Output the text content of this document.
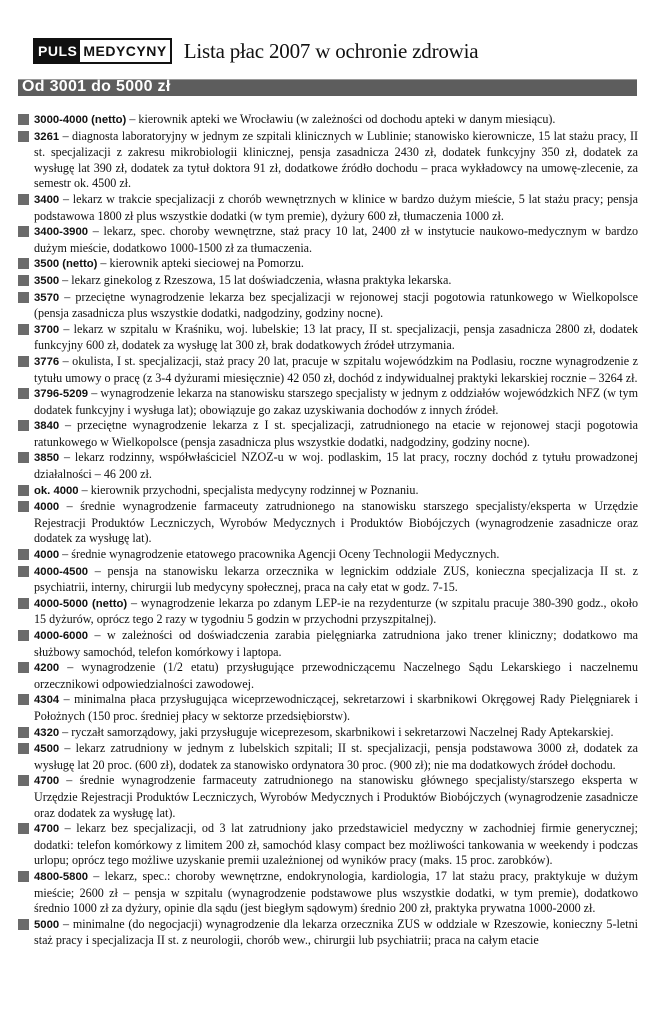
PULS MEDYCYNY Lista płac 2007 w ochronie zdrowia
Od 3001 do 5000 zł

3000-4000 (netto) – kierownik apteki we Wrocławiu (w zależności od dochodu apteki w danym miesiącu).

3261 – diagnosta laboratoryjny w jednym ze szpitali klinicznych w Lublinie; stanowisko kierownicze, 15 lat stażu pracy, II st. specjalizacji z zakresu mikrobiologii klinicznej, pensja zasadnicza 2430 zł, dodatek funkcyjny 350 zł, dodatek za wysługę lat 390 zł, dodatek za tytuł doktora 91 zł, dodatkowe źródło dochodu – praca wykładowcy na umowę-zlecenie, za semestr ok. 4500 zł.

3400 – lekarz w trakcie specjalizacji z chorób wewnętrznych w klinice w bardzo dużym mieście, 5 lat stażu pracy; pensja podstawowa 1800 zł plus wszystkie dodatki (w tym premie), dyżury 600 zł, tłumaczenia 1000 zł.

3400-3900 – lekarz, spec. choroby wewnętrzne, staż pracy 10 lat, 2400 zł w instytucie naukowo-medycznym w bardzo dużym mieście, dodatkowo 1000-1500 zł za tłumaczenia.

3500 (netto) – kierownik apteki sieciowej na Pomorzu.

3500 – lekarz ginekolog z Rzeszowa, 15 lat doświadczenia, własna praktyka lekarska.

3570 – przeciętne wynagrodzenie lekarza bez specjalizacji w rejonowej stacji pogotowia ratunkowego w Wielkopolsce (pensja zasadnicza plus wszystkie dodatki, nadgodziny, godziny nocne).

3700 – lekarz w szpitalu w Kraśniku, woj. lubelskie; 13 lat pracy, II st. specjalizacji, pensja zasadnicza 2800 zł, dodatek funkcyjny 600 zł, dodatek za wysługę lat 300 zł, brak dodatkowych źródeł utrzymania.

3776 – okulista, I st. specjalizacji, staż pracy 20 lat, pracuje w szpitalu wojewódzkim na Podlasiu, roczne wynagrodzenie z tytułu umowy o pracę (z 3-4 dyżurami miesięcznie) 42 050 zł, dochód z indywidualnej praktyki lekarskiej rocznie – 3264 zł.

3796-5209 – wynagrodzenie lekarza na stanowisku starszego specjalisty w jednym z oddziałów wojewódzkich NFZ (w tym dodatek funkcyjny i wysługa lat); obowiązuje go zakaz uzyskiwania dochodów z innych źródeł.

3840 – przeciętne wynagrodzenie lekarza z I st. specjalizacji, zatrudnionego na etacie w rejonowej stacji pogotowia ratunkowego w Wielkopolsce (pensja zasadnicza plus wszystkie dodatki, nadgodziny, godziny nocne).

3850 – lekarz rodzinny, współwłaściciel NZOZ-u w woj. podlaskim, 15 lat pracy, roczny dochód z tytułu prowadzonej działalności – 46 200 zł.

ok. 4000 – kierownik przychodni, specjalista medycyny rodzinnej w Poznaniu.

4000 – średnie wynagrodzenie farmaceuty zatrudnionego na stanowisku starszego specjalisty/eksperta w Urzędzie Rejestracji Produktów Leczniczych, Wyrobów Medycznych i Produktów Biobójczych (wynagrodzenie zasadnicze oraz dodatek za wysługę lat).

4000 – średnie wynagrodzenie etatowego pracownika Agencji Oceny Technologii Medycznych.

4000-4500 – pensja na stanowisku lekarza orzecznika w legnickim oddziale ZUS, konieczna specjalizacja II st. z psychiatrii, interny, chirurgii lub medycyny społecznej, praca na cały etat w godz. 7-15.

4000-5000 (netto) – wynagrodzenie lekarza po zdanym LEP-ie na rezydenturze (w szpitalu pracuje 380-390 godz., około 15 dyżurów, oprócz tego 2 razy w tygodniu 5 godzin w przychodni przyszpitalnej).

4000-6000 – w zależności od doświadczenia zarabia pielęgniarka zatrudniona jako trener kliniczny; dodatkowo ma służbowy samochód, telefon komórkowy i laptopa.

4200 – wynagrodzenie (1/2 etatu) przysługujące przewodniczącemu Naczelnego Sądu Lekarskiego i naczelnemu orzecznikowi odpowiedzialności zawodowej.

4304 – minimalna płaca przysługująca wiceprzewodniczącej, sekretarzowi i skarbnikowi Okręgowej Rady Pielęgniarek i Położnych (150 proc. średniej płacy w sektorze przedsiębiorstw).

4320 – ryczałt samorządowy, jaki przysługuje wiceprezesom, skarbnikowi i sekretarzowi Naczelnej Rady Aptekarskiej.

4500 – lekarz zatrudniony w jednym z lubelskich szpitali; II st. specjalizacji, pensja podstawowa 3000 zł, dodatek za wysługę lat 20 proc. (600 zł), dodatek za stanowisko ordynatora 30 proc. (900 zł); nie ma dodatkowych źródeł dochodu.

4700 – średnie wynagrodzenie farmaceuty zatrudnionego na stanowisku głównego specjalisty/starszego eksperta w Urzędzie Rejestracji Produktów Leczniczych, Wyrobów Medycznych i Produktów Biobójczych (wynagrodzenie zasadnicze oraz dodatek za wysługę lat).

4700 – lekarz bez specjalizacji, od 3 lat zatrudniony jako przedstawiciel medyczny w zachodniej firmie generycznej; dodatki: telefon komórkowy z limitem 200 zł, samochód klasy compact bez możliwości tankowania w weekendy i podczas urlopu; oprócz tego możliwe uzyskanie premii uzależnionej od wyników pracy (maks. 15 proc. zarobków).

4800-5800 – lekarz, spec.: choroby wewnętrzne, endokrynologia, kardiologia, 17 lat stażu pracy, praktykuje w dużym mieście; 2600 zł – pensja w szpitalu (wynagrodzenie podstawowe plus wszystkie dodatki, w tym premie), dodatkowo średnio 1000 zł za dyżury, opinie dla sądu (jest biegłym sądowym) średnio 200 zł, praktyka prywatna 1000-2000 zł.

5000 – minimalne (do negocjacji) wynagrodzenie dla lekarza orzecznika ZUS w oddziale w Rzeszowie, konieczny 5-letni staż pracy i specjalizacja II st. z neurologii, chorób wew., chirurgii lub psychiatrii; praca na całym etacie
